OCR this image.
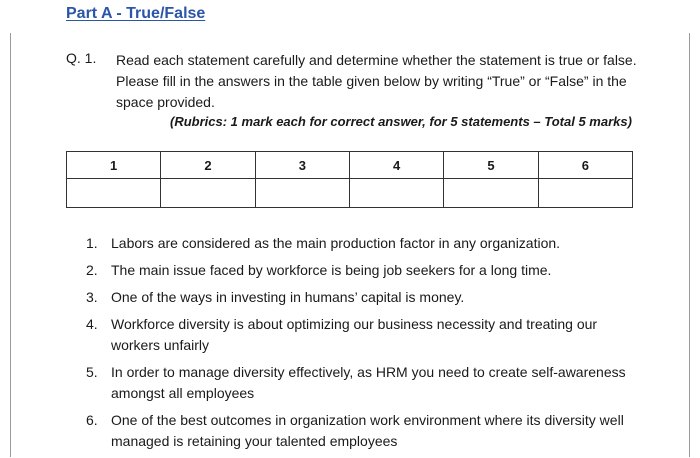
Part A - True/False
Q. 1. Read each statement carefully and determine whether the statement is true or false.
Please fill in the answers in the table given below by writing “True” or “False” in the
space provided.
(Rubrics: 1 mark each for correct answer, for 5 statements – Total 5 marks)
1	2	3	4	5	6

1. Labors are considered as the main production factor in any organization.
2. The main issue faced by workforce is being job seekers for a long time.
3. One of the ways in investing in humans’ capital is money.
4. Workforce diversity is about optimizing our business necessity and treating our
workers unfairly
5. In order to manage diversity effectively, as HRM you need to create self-awareness
amongst all employees
6. One of the best outcomes in organization work environment where its diversity well
managed is retaining your talented employees
